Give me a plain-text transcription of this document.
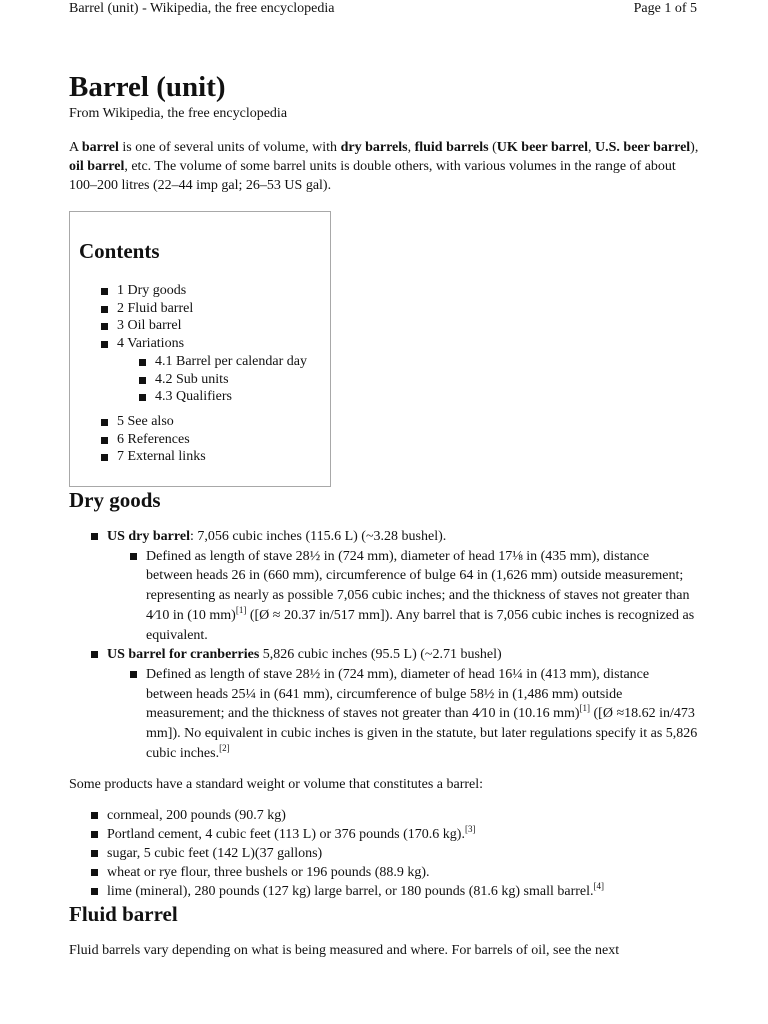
Barrel (unit) - Wikipedia, the free encyclopedia	Page 1 of 5
Barrel (unit)

From Wikipedia, the free encyclopedia

A barrel is one of several units of volume, with dry barrels, fluid barrels (UK beer barrel, U.S. beer barrel), oil barrel, etc. The volume of some barrel units is double others, with various volumes in the range of about 100–200 litres (22–44 imp gal; 26–53 US gal).

Contents
1 Dry goods
2 Fluid barrel
3 Oil barrel
4 Variations
4.1 Barrel per calendar day
4.2 Sub units
4.3 Qualifiers
5 See also
6 References
7 External links
Dry goods
US dry barrel: 7,056 cubic inches (115.6 L) (~3.28 bushel).
Defined as length of stave 28½ in (724 mm), diameter of head 17⅛ in (435 mm), distance between heads 26 in (660 mm), circumference of bulge 64 in (1,626 mm) outside measurement; representing as nearly as possible 7,056 cubic inches; and the thickness of staves not greater than 4⁄10 in (10 mm)[1] ([Ø ≈ 20.37 in/517 mm]). Any barrel that is 7,056 cubic inches is recognized as equivalent.
US barrel for cranberries 5,826 cubic inches (95.5 L) (~2.71 bushel)
Defined as length of stave 28½ in (724 mm), diameter of head 16¼ in (413 mm), distance between heads 25¼ in (641 mm), circumference of bulge 58½ in (1,486 mm) outside measurement; and the thickness of staves not greater than 4⁄10 in (10.16 mm)[1] ([Ø ≈18.62 in/473 mm]). No equivalent in cubic inches is given in the statute, but later regulations specify it as 5,826 cubic inches.[2]

Some products have a standard weight or volume that constitutes a barrel:

cornmeal, 200 pounds (90.7 kg)
Portland cement, 4 cubic feet (113 L) or 376 pounds (170.6 kg).[3]
sugar, 5 cubic feet (142 L)(37 gallons)
wheat or rye flour, three bushels or 196 pounds (88.9 kg).
lime (mineral), 280 pounds (127 kg) large barrel, or 180 pounds (81.6 kg) small barrel.[4]
Fluid barrel

Fluid barrels vary depending on what is being measured and where. For barrels of oil, see the next
